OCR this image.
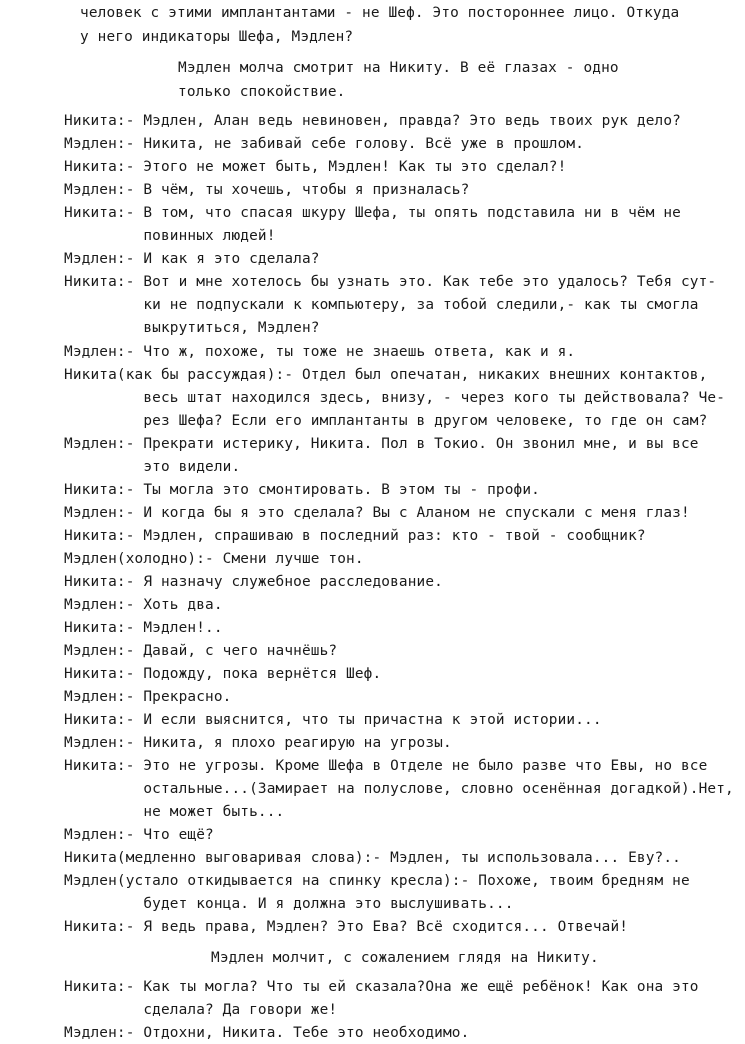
человек с этими имплантантами - не Шеф. Это постороннее лицо. Откуда
у него индикаторы Шефа, Мэдлен?
Мэдлен молча смотрит на Никиту. В её глазах - одно
только спокойствие.
Никита:- Мэдлен, Алан ведь невиновен, правда? Это ведь твоих рук дело?
Мэдлен:- Никита, не забивай себе голову. Всё уже в прошлом.
Никита:- Этого не может быть, Мэдлен! Как ты это сделал?!
Мэдлен:- В чём, ты хочешь, чтобы я призналась?
Никита:- В том, что спасая шкуру Шефа, ты опять подставила ни в чём не
повинных людей!
Мэдлен:- И как я это сделала?
Никита:- Вот и мне хотелось бы узнать это. Как тебе это удалось? Тебя сут-
ки не подпускали к компьютеру, за тобой следили,- как ты смогла
выкрутиться, Мэдлен?
Мэдлен:- Что ж, похоже, ты тоже не знаешь ответа, как и я.
Никита(как бы рассуждая):- Отдел был опечатан, никаких внешних контактов,
весь штат находился здесь, внизу, - через кого ты действовала? Че-
рез Шефа? Если его имплантанты в другом человеке, то где он сам?
Мэдлен:- Прекрати истерику, Никита. Пол в Токио. Он звонил мне, и вы все
это видели.
Никита:- Ты могла это смонтировать. В этом ты - профи.
Мэдлен:- И когда бы я это сделала? Вы с Аланом не спускали с меня глаз!
Никита:- Мэдлен, спрашиваю в последний раз: кто - твой - сообщник?
Мэдлен(холодно):- Смени лучше тон.
Никита:- Я назначу служебное расследование.
Мэдлен:- Хоть два.
Никита:- Мэдлен!..
Мэдлен:- Давай, с чего начнёшь?
Никита:- Подожду, пока вернётся Шеф.
Мэдлен:- Прекрасно.
Никита:- И если выяснится, что ты причастна к этой истории...
Мэдлен:- Никита, я плохо реагирую на угрозы.
Никита:- Это не угрозы. Кроме Шефа в Отделе не было разве что Евы, но все
остальные...(Замирает на полуслове, словно осенённая догадкой).Нет,
не может быть...
Мэдлен:- Что ещё?
Никита(медленно выговаривая слова):- Мэдлен, ты использовала... Еву?..
Мэдлен(устало откидывается на спинку кресла):- Похоже, твоим бредням не
будет конца. И я должна это выслушивать...
Никита:- Я ведь права, Мэдлен? Это Ева? Всё сходится... Отвечай!
Мэдлен молчит, с сожалением глядя на Никиту.
Никита:- Как ты могла? Что ты ей сказала?Она же ещё ребёнок! Как она это
сделала? Да говори же!
Мэдлен:- Отдохни, Никита. Тебе это необходимо.
